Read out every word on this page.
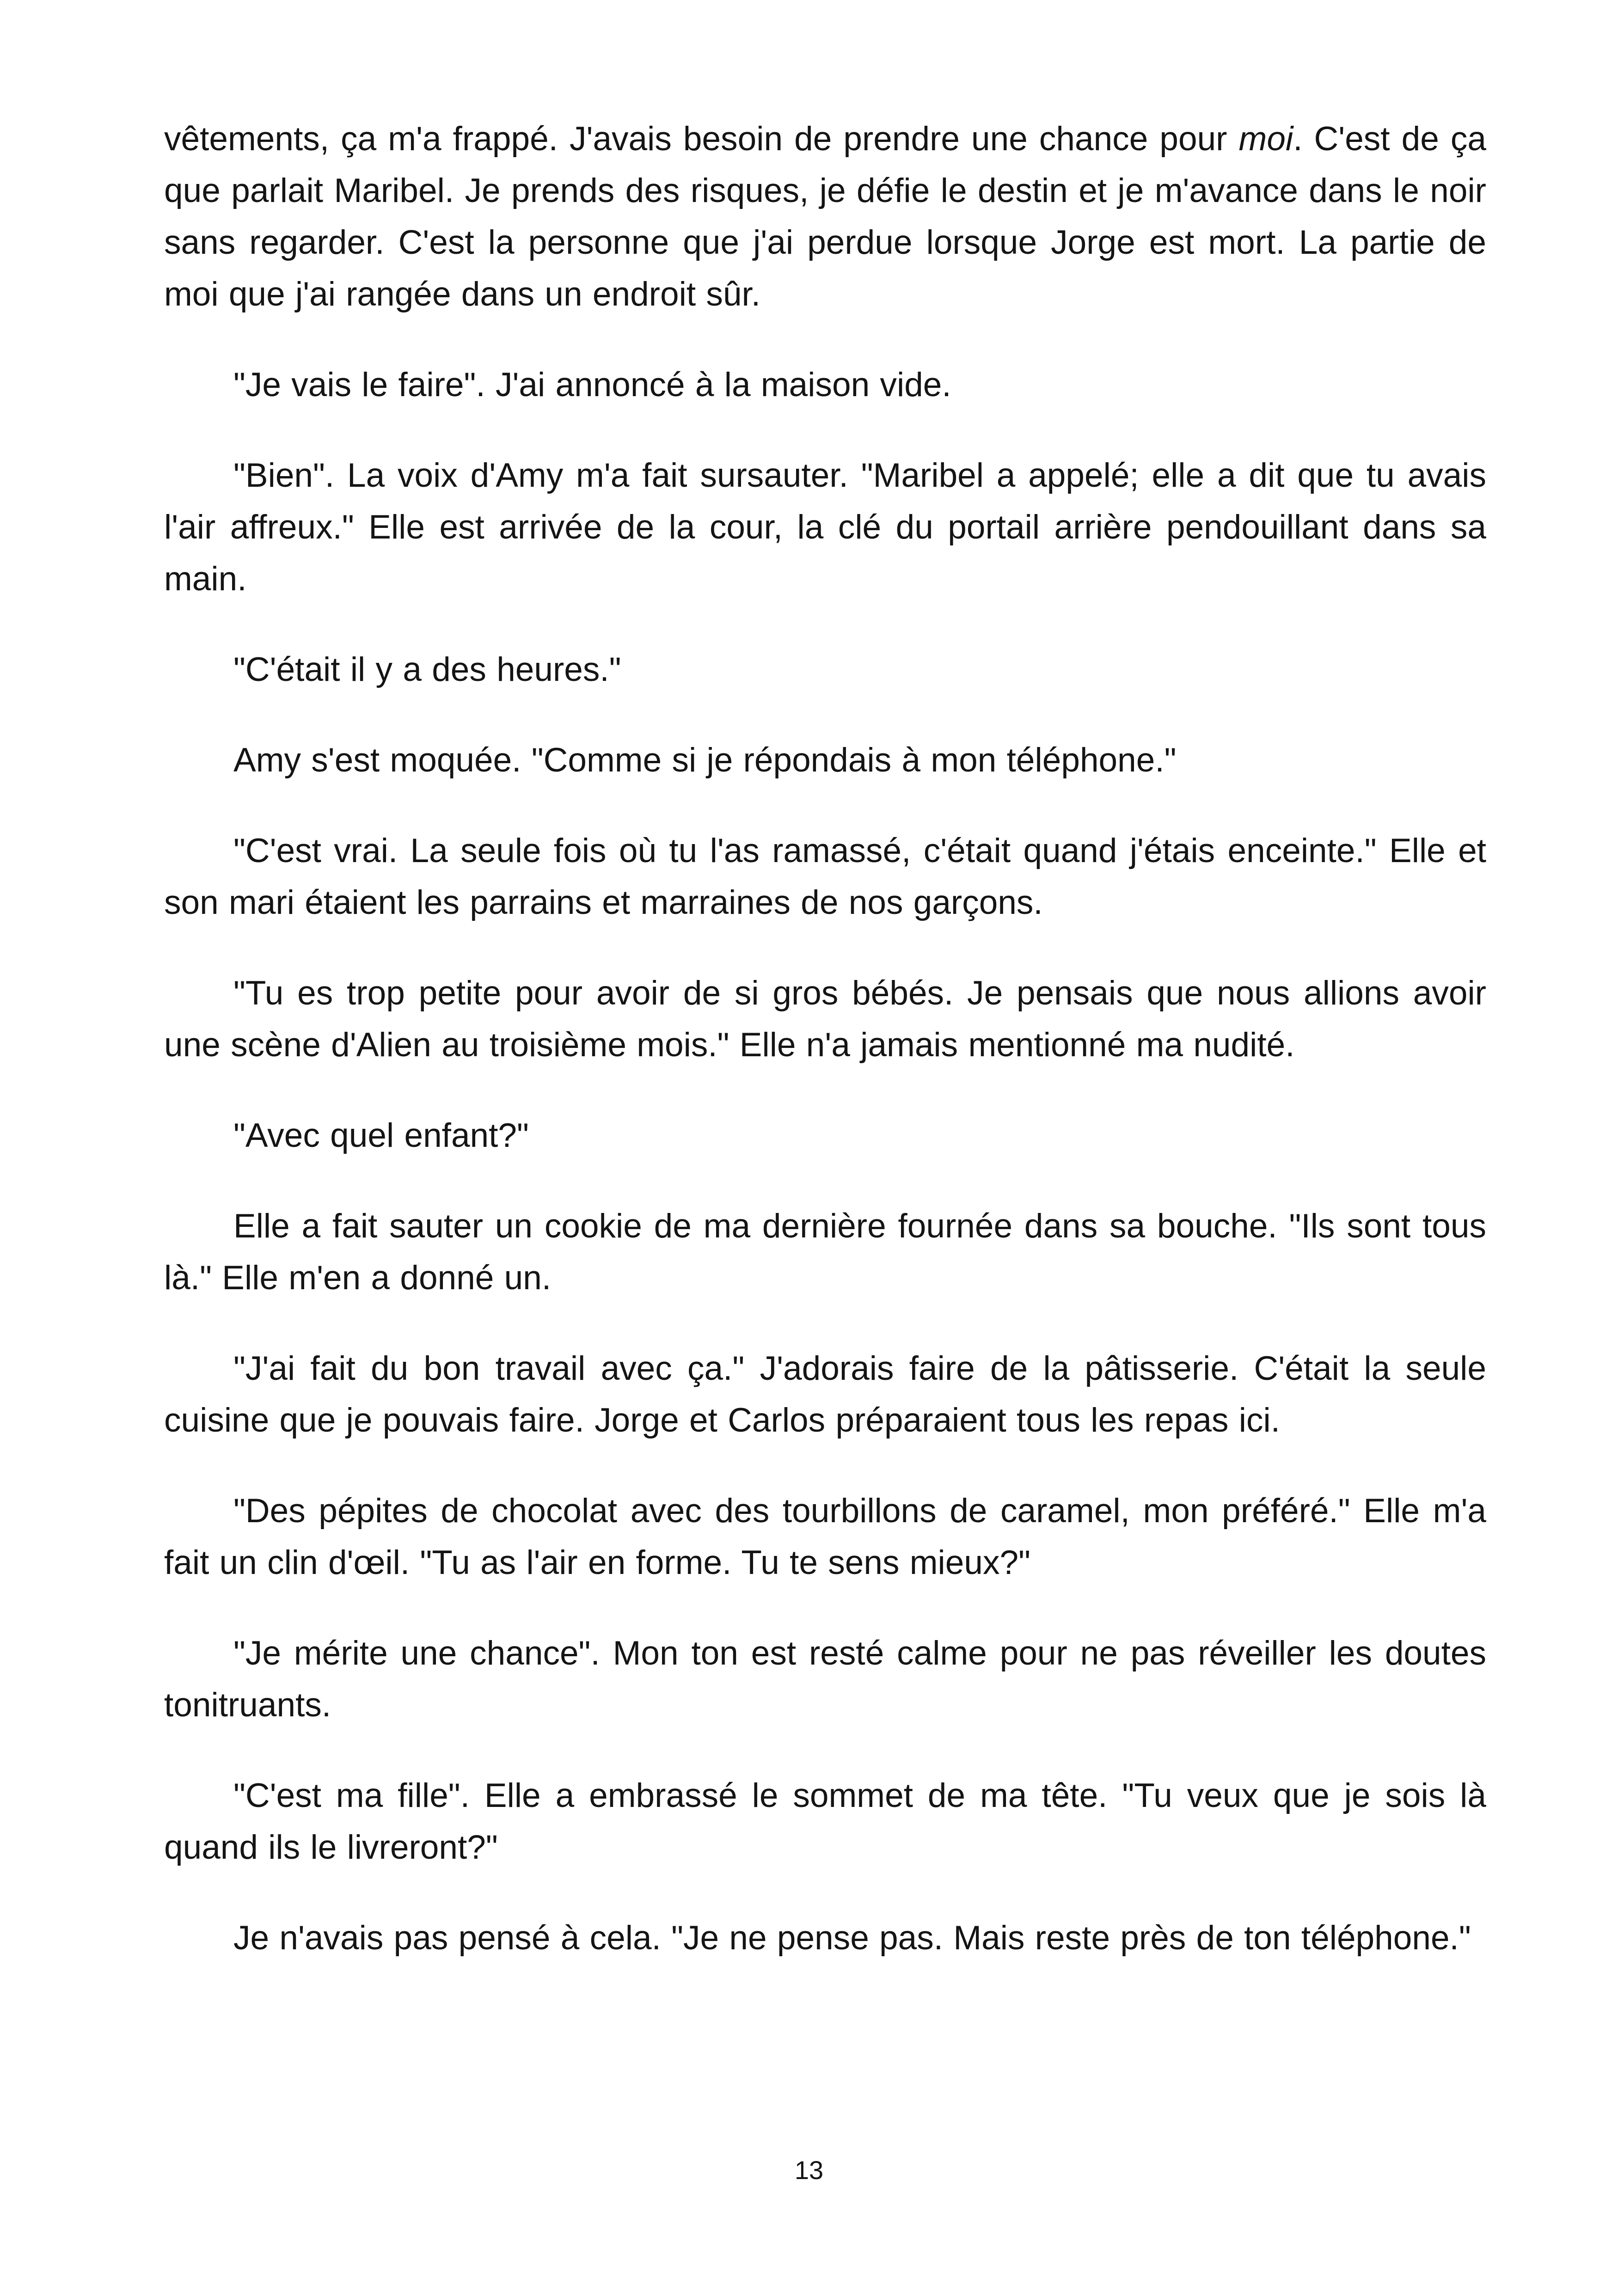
vêtements, ça m'a frappé. J'avais besoin de prendre une chance pour moi. C'est de ça que parlait Maribel. Je prends des risques, je défie le destin et je m'avance dans le noir sans regarder. C'est la personne que j'ai perdue lorsque Jorge est mort. La partie de moi que j'ai rangée dans un endroit sûr.

"Je vais le faire". J'ai annoncé à la maison vide.

"Bien". La voix d'Amy m'a fait sursauter. "Maribel a appelé; elle a dit que tu avais l'air affreux." Elle est arrivée de la cour, la clé du portail arrière pendouillant dans sa main.

"C'était il y a des heures."

Amy s'est moquée. "Comme si je répondais à mon téléphone."

"C'est vrai. La seule fois où tu l'as ramassé, c'était quand j'étais enceinte." Elle et son mari étaient les parrains et marraines de nos garçons.

"Tu es trop petite pour avoir de si gros bébés. Je pensais que nous allions avoir une scène d'Alien au troisième mois." Elle n'a jamais mentionné ma nudité.

"Avec quel enfant?"

Elle a fait sauter un cookie de ma dernière fournée dans sa bouche. "Ils sont tous là." Elle m'en a donné un.

"J'ai fait du bon travail avec ça." J'adorais faire de la pâtisserie. C'était la seule cuisine que je pouvais faire. Jorge et Carlos préparaient tous les repas ici.

"Des pépites de chocolat avec des tourbillons de caramel, mon préféré." Elle m'a fait un clin d'œil. "Tu as l'air en forme. Tu te sens mieux?"

"Je mérite une chance". Mon ton est resté calme pour ne pas réveiller les doutes tonitruants.

"C'est ma fille". Elle a embrassé le sommet de ma tête. "Tu veux que je sois là quand ils le livreront?"

Je n'avais pas pensé à cela. "Je ne pense pas. Mais reste près de ton téléphone."

13
